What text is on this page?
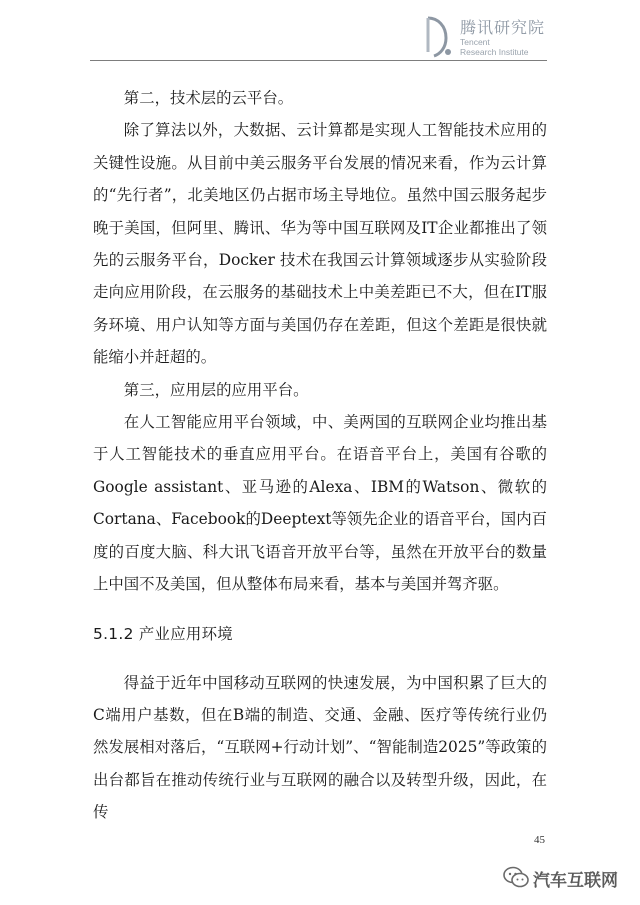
腾讯研究院
Tencent
Research Institute

第二，技术层的云平台。

除了算法以外，大数据、云计算都是实现人工智能技术应用的关键性设施。从目前中美云服务平台发展的情况来看，作为云计算的“先行者”，北美地区仍占据市场主导地位。虽然中国云服务起步晚于美国，但阿里、腾讯、华为等中国互联网及IT企业都推出了领先的云服务平台，Docker 技术在我国云计算领域逐步从实验阶段走向应用阶段，在云服务的基础技术上中美差距已不大，但在IT服务环境、用户认知等方面与美国仍存在差距，但这个差距是很快就能缩小并赶超的。

第三，应用层的应用平台。

在人工智能应用平台领域，中、美两国的互联网企业均推出基于人工智能技术的垂直应用平台。在语音平台上，美国有谷歌的Google assistant、亚马逊的Alexa、IBM的Watson、微软的Cortana、Facebook的Deeptext等领先企业的语音平台，国内百度的百度大脑、科大讯飞语音开放平台等，虽然在开放平台的数量上中国不及美国，但从整体布局来看，基本与美国并驾齐驱。

5.1.2 产业应用环境

得益于近年中国移动互联网的快速发展，为中国积累了巨大的C端用户基数，但在B端的制造、交通、金融、医疗等传统行业仍然发展相对落后，“互联网+行动计划”、“智能制造2025”等政策的出台都旨在推动传统行业与互联网的融合以及转型升级，因此，在传

45
汽车互联网
